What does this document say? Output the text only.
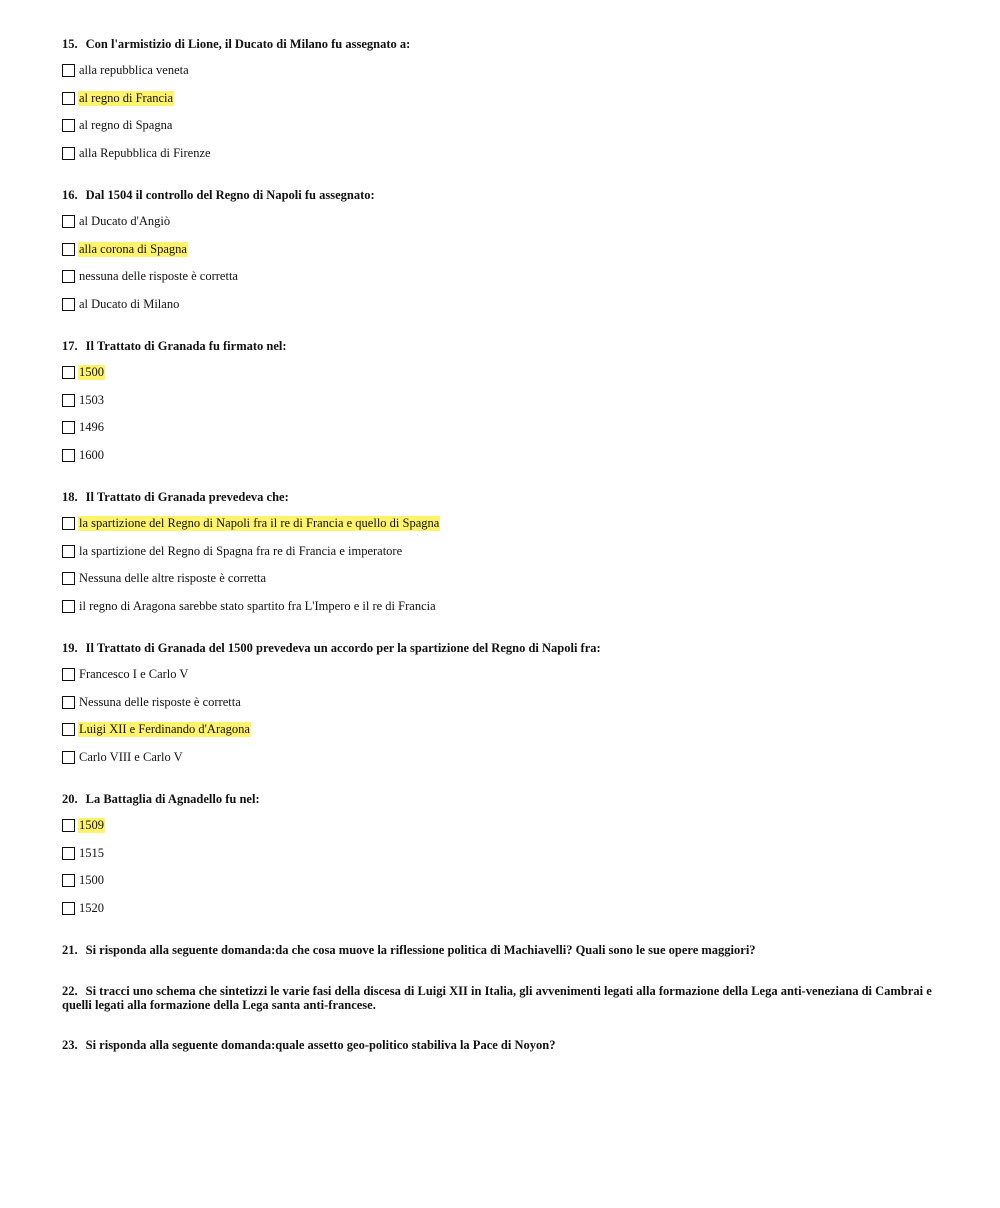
15. Con l'armistizio di Lione, il Ducato di Milano fu assegnato a:
alla repubblica veneta
al regno di Francia
al regno di Spagna
alla Repubblica di Firenze
16. Dal 1504 il controllo del Regno di Napoli fu assegnato:
al Ducato d'Angiò
alla corona di Spagna
nessuna delle risposte è corretta
al Ducato di Milano
17. Il Trattato di Granada fu firmato nel:
1500
1503
1496
1600
18. Il Trattato di Granada prevedeva che:
la spartizione del Regno di Napoli fra il re di Francia e quello di Spagna
la spartizione del Regno di Spagna fra re di Francia e imperatore
Nessuna delle altre risposte è corretta
il regno di Aragona sarebbe stato spartito fra L'Impero e il re di Francia
19. Il Trattato di Granada del 1500 prevedeva un accordo per la spartizione del Regno di Napoli fra:
Francesco I e Carlo V
Nessuna delle risposte è corretta
Luigi XII e Ferdinando d'Aragona
Carlo VIII e Carlo V
20. La Battaglia di Agnadello fu nel:
1509
1515
1500
1520
21. Si risponda alla seguente domanda:da che cosa muove la riflessione politica di Machiavelli? Quali sono le sue opere maggiori?
22. Si tracci uno schema che sintetizzi le varie fasi della discesa di Luigi XII in Italia, gli avvenimenti legati alla formazione della Lega anti-veneziana di Cambrai e quelli legati alla formazione della Lega santa anti-francese.
23. Si risponda alla seguente domanda:quale assetto geo-politico stabiliva la Pace di Noyon?
